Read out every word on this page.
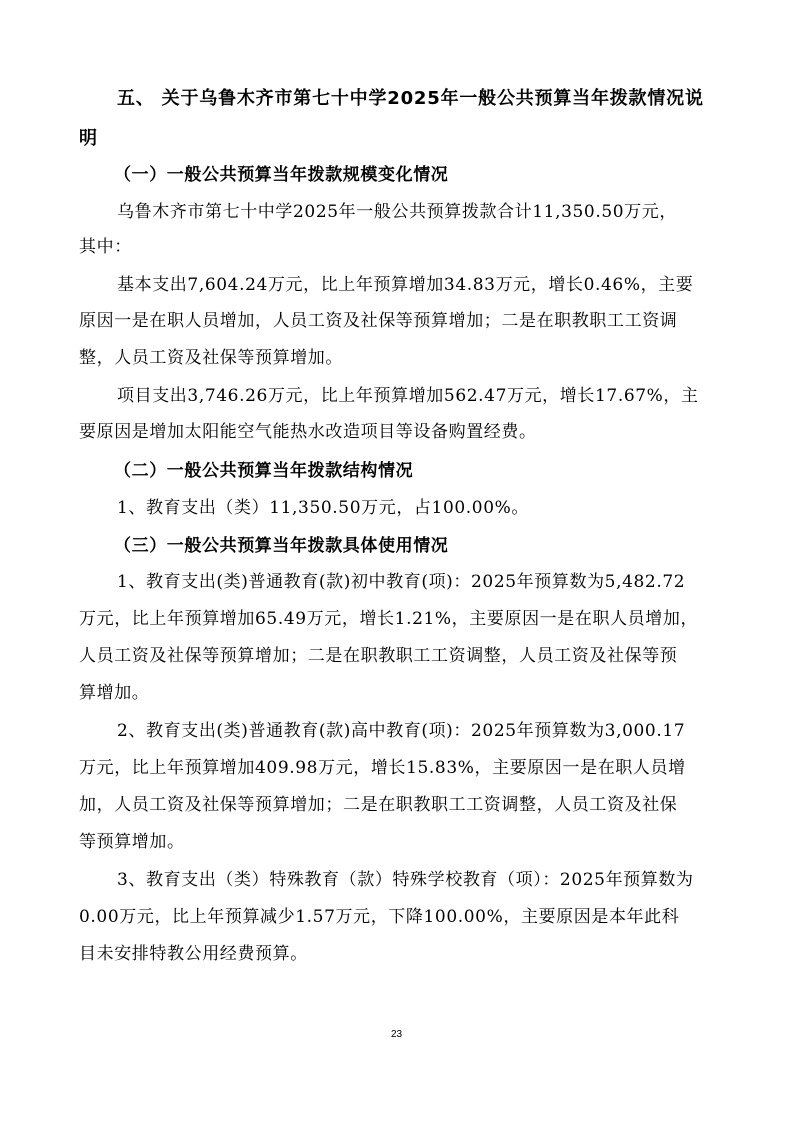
五、 关于乌鲁木齐市第七十中学2025年一般公共预算当年拨款情况说
明
（一）一般公共预算当年拨款规模变化情况
乌鲁木齐市第七十中学2025年一般公共预算拨款合计11,350.50万元，
其中：
基本支出7,604.24万元，比上年预算增加34.83万元，增长0.46%，主要
原因一是在职人员增加，人员工资及社保等预算增加；二是在职教职工工资调
整，人员工资及社保等预算增加。
项目支出3,746.26万元，比上年预算增加562.47万元，增长17.67%，主
要原因是增加太阳能空气能热水改造项目等设备购置经费。
（二）一般公共预算当年拨款结构情况
1、教育支出（类）11,350.50万元，占100.00%。
（三）一般公共预算当年拨款具体使用情况
1、教育支出(类)普通教育(款)初中教育(项)：2025年预算数为5,482.72
万元，比上年预算增加65.49万元，增长1.21%，主要原因一是在职人员增加，
人员工资及社保等预算增加；二是在职教职工工资调整，人员工资及社保等预
算增加。
2、教育支出(类)普通教育(款)高中教育(项)：2025年预算数为3,000.17
万元，比上年预算增加409.98万元，增长15.83%，主要原因一是在职人员增
加，人员工资及社保等预算增加；二是在职教职工工资调整，人员工资及社保
等预算增加。
3、教育支出（类）特殊教育（款）特殊学校教育（项）：2025年预算数为
0.00万元，比上年预算减少1.57万元，下降100.00%，主要原因是本年此科
目未安排特教公用经费预算。
23
